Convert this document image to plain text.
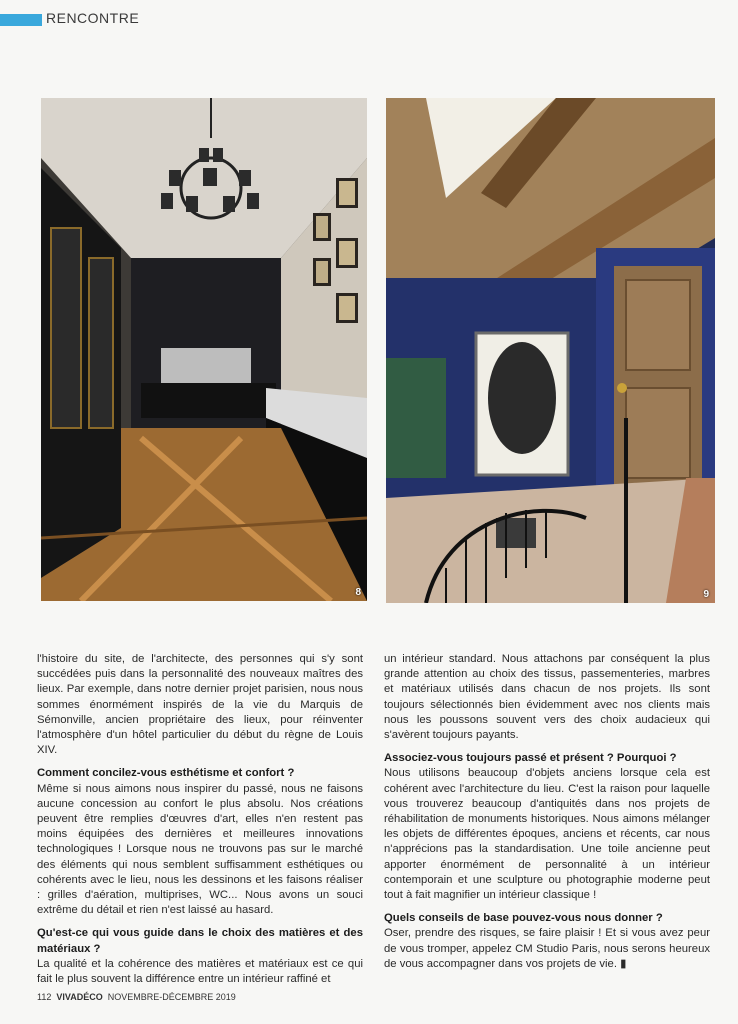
RENCONTRE
8	9

l'histoire du site, de l'architecte, des personnes qui s'y sont succédées puis dans la personnalité des nouveaux maîtres des lieux. Par exemple, dans notre dernier projet parisien, nous nous sommes énormément inspirés de la vie du Marquis de Sémonville, ancien propriétaire des lieux, pour réinventer l'atmosphère d'un hôtel particulier du début du règne de Louis XIV.

Comment concilez-vous esthétisme et confort ?

Même si nous aimons nous inspirer du passé, nous ne faisons aucune concession au confort le plus absolu. Nos créations peuvent être remplies d'œuvres d'art, elles n'en restent pas moins équipées des dernières et meilleures innovations technologiques ! Lorsque nous ne trouvons pas sur le marché des éléments qui nous semblent suffisamment esthétiques ou cohérents avec le lieu, nous les dessinons et les faisons réaliser : grilles d'aération, multiprises, WC... Nous avons un souci extrême du détail et rien n'est laissé au hasard.

Qu'est-ce qui vous guide dans le choix des matières et des matériaux ?

La qualité et la cohérence des matières et matériaux est ce qui fait le plus souvent la différence entre un intérieur raffiné et

un intérieur standard. Nous attachons par conséquent la plus grande attention au choix des tissus, passementeries, marbres et matériaux utilisés dans chacun de nos projets. Ils sont toujours sélectionnés bien évidemment avec nos clients mais nous les poussons souvent vers des choix audacieux qui s'avèrent toujours payants.

Associez-vous toujours passé et présent ? Pourquoi ?

Nous utilisons beaucoup d'objets anciens lorsque cela est cohérent avec l'architecture du lieu. C'est la raison pour laquelle vous trouverez beaucoup d'antiquités dans nos projets de réhabilitation de monuments historiques. Nous aimons mélanger les objets de différentes époques, anciens et récents, car nous n'apprécions pas la standardisation. Une toile ancienne peut apporter énormément de personnalité à un intérieur contemporain et une sculpture ou photographie moderne peut tout à fait magnifier un intérieur classique !

Quels conseils de base pouvez-vous nous donner ?

Oser, prendre des risques, se faire plaisir ! Et si vous avez peur de vous tromper, appelez CM Studio Paris, nous serons heureux de vous accompagner dans vos projets de vie. ▮

112 VIVADÉCO NOVEMBRE-DÉCEMBRE 2019
